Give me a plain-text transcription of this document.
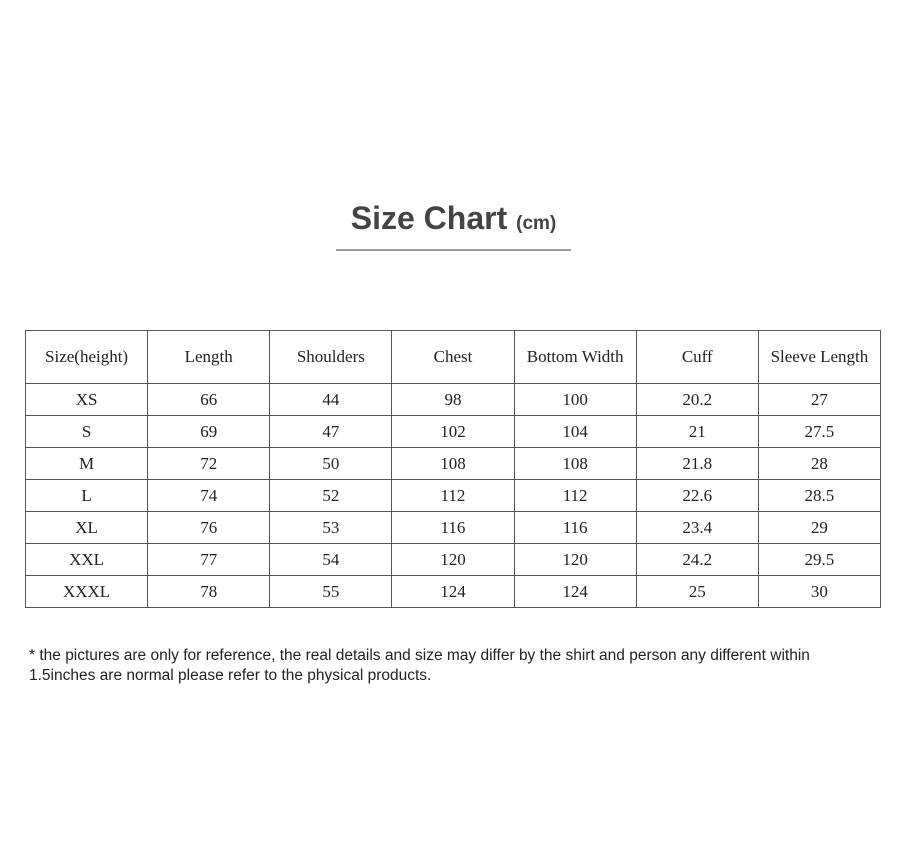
Size Chart (cm)
Size(height)	Length	Shoulders	Chest	Bottom Width	Cuff	Sleeve Length
XS	66	44	98	100	20.2	27
S	69	47	102	104	21	27.5
M	72	50	108	108	21.8	28
L	74	52	112	112	22.6	28.5
XL	76	53	116	116	23.4	29
XXL	77	54	120	120	24.2	29.5
XXXL	78	55	124	124	25	30
* the pictures are only for reference, the real details and size may differ by the shirt and person any different within 1.5inches are normal please refer to the physical products.
